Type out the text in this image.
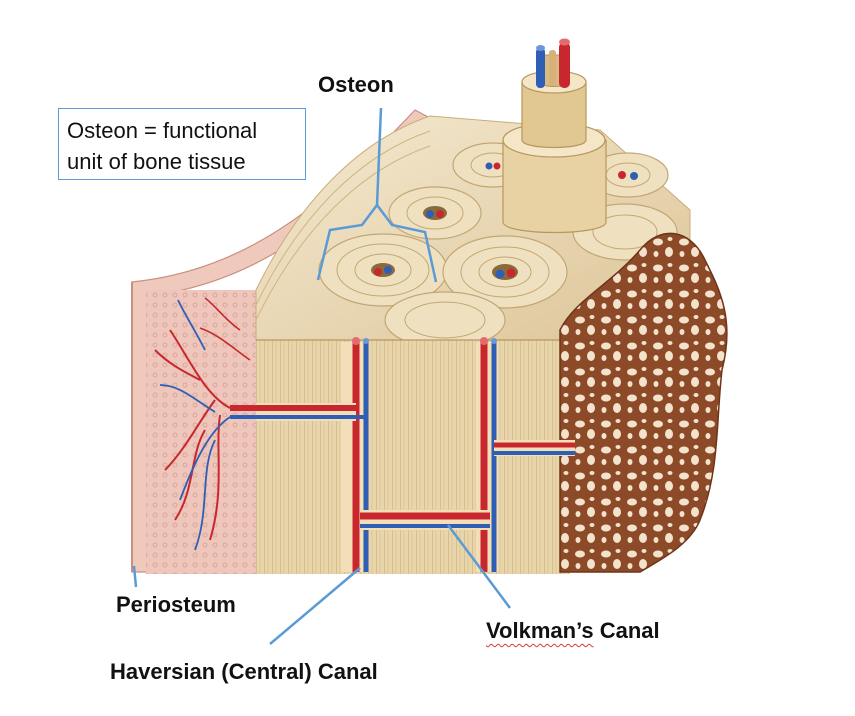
Osteon = functional
unit of bone tissue
Osteon
Periosteum
Volkman’s Canal
Haversian (Central) Canal
